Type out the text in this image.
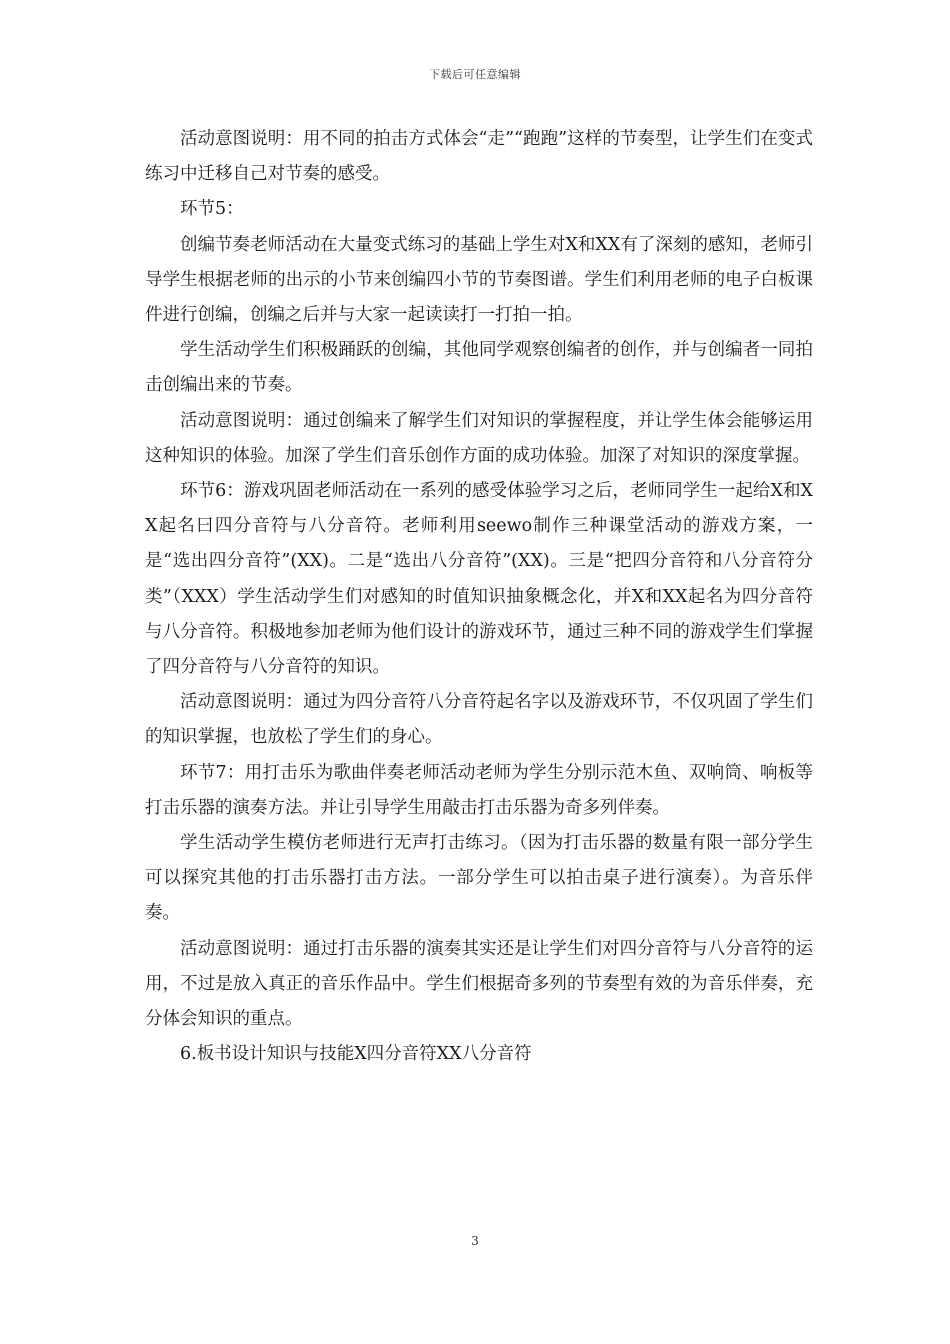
下载后可任意编辑

活动意图说明：用不同的拍击方式体会“走”“跑跑”这样的节奏型，让学生们在变式练习中迁移自己对节奏的感受。

环节5：

创编节奏老师活动在大量变式练习的基础上学生对X和XX有了深刻的感知，老师引导学生根据老师的出示的小节来创编四小节的节奏图谱。学生们利用老师的电子白板课件进行创编，创编之后并与大家一起读读打一打拍一拍。

学生活动学生们积极踊跃的创编，其他同学观察创编者的创作，并与创编者一同拍击创编出来的节奏。

活动意图说明：通过创编来了解学生们对知识的掌握程度，并让学生体会能够运用这种知识的体验。加深了学生们音乐创作方面的成功体验。加深了对知识的深度掌握。

环节6：游戏巩固老师活动在一系列的感受体验学习之后，老师同学生一起给X和XX起名曰四分音符与八分音符。老师利用seewo制作三种课堂活动的游戏方案，一是“选出四分音符”(XX)。二是“选出八分音符”(XX)。三是“把四分音符和八分音符分类”（XXX）学生活动学生们对感知的时值知识抽象概念化，并X和XX起名为四分音符与八分音符。积极地参加老师为他们设计的游戏环节，通过三种不同的游戏学生们掌握了四分音符与八分音符的知识。

活动意图说明：通过为四分音符八分音符起名字以及游戏环节，不仅巩固了学生们的知识掌握，也放松了学生们的身心。

环节7：用打击乐为歌曲伴奏老师活动老师为学生分别示范木鱼、双响筒、响板等打击乐器的演奏方法。并让引导学生用敲击打击乐器为奇多列伴奏。

学生活动学生模仿老师进行无声打击练习。（因为打击乐器的数量有限一部分学生可以探究其他的打击乐器打击方法。一部分学生可以拍击桌子进行演奏）。为音乐伴奏。

活动意图说明：通过打击乐器的演奏其实还是让学生们对四分音符与八分音符的运用，不过是放入真正的音乐作品中。学生们根据奇多列的节奏型有效的为音乐伴奏，充分体会知识的重点。

6.板书设计知识与技能X四分音符XX八分音符

3
